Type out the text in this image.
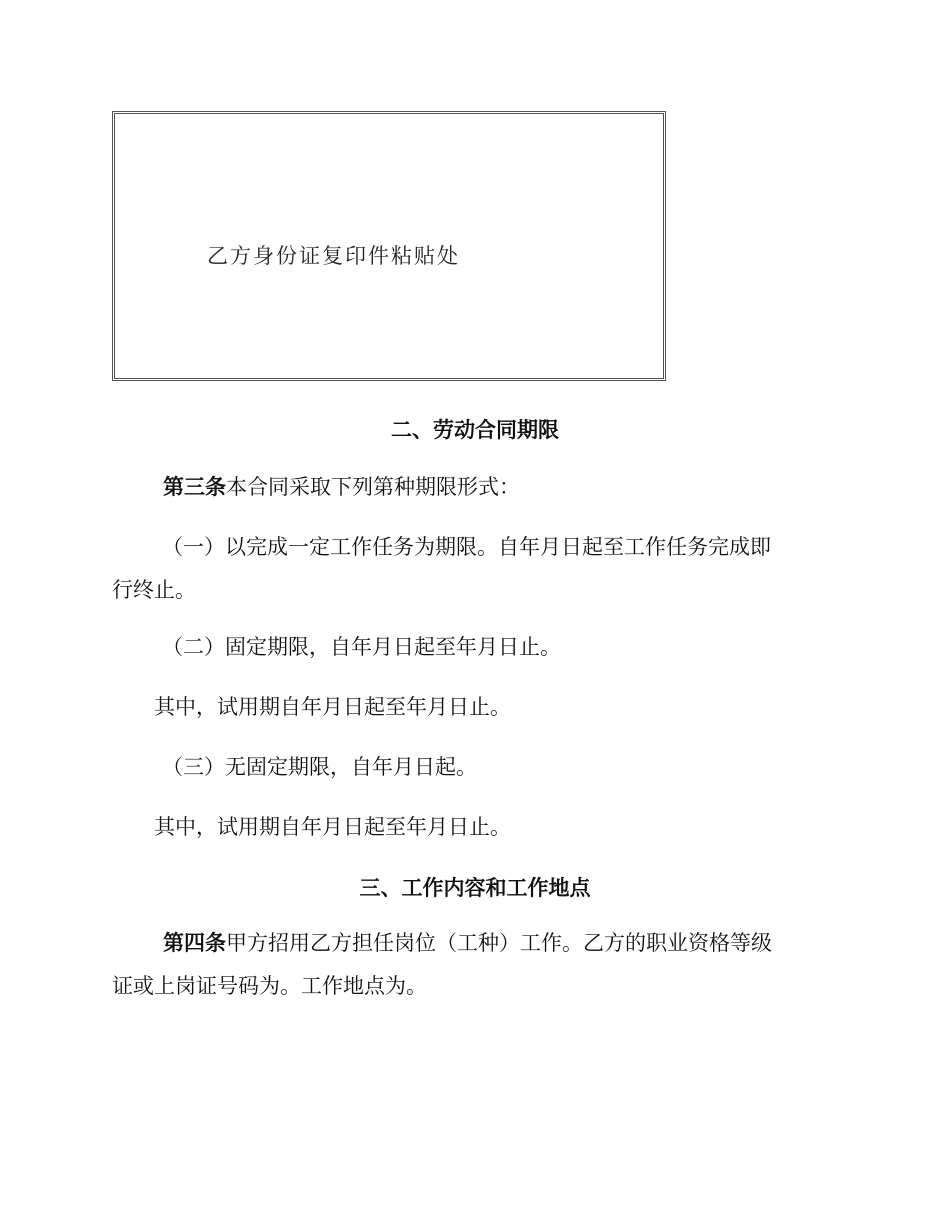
乙方身份证复印件粘贴处
二、劳动合同期限
第三条本合同采取下列第种期限形式：
（一）以完成一定工作任务为期限。自年月日起至工作任务完成即
行终止。
（二）固定期限，自年月日起至年月日止。
其中，试用期自年月日起至年月日止。
（三）无固定期限，自年月日起。
其中，试用期自年月日起至年月日止。
三、工作内容和工作地点
第四条甲方招用乙方担任岗位（工种）工作。乙方的职业资格等级
证或上岗证号码为。工作地点为。
